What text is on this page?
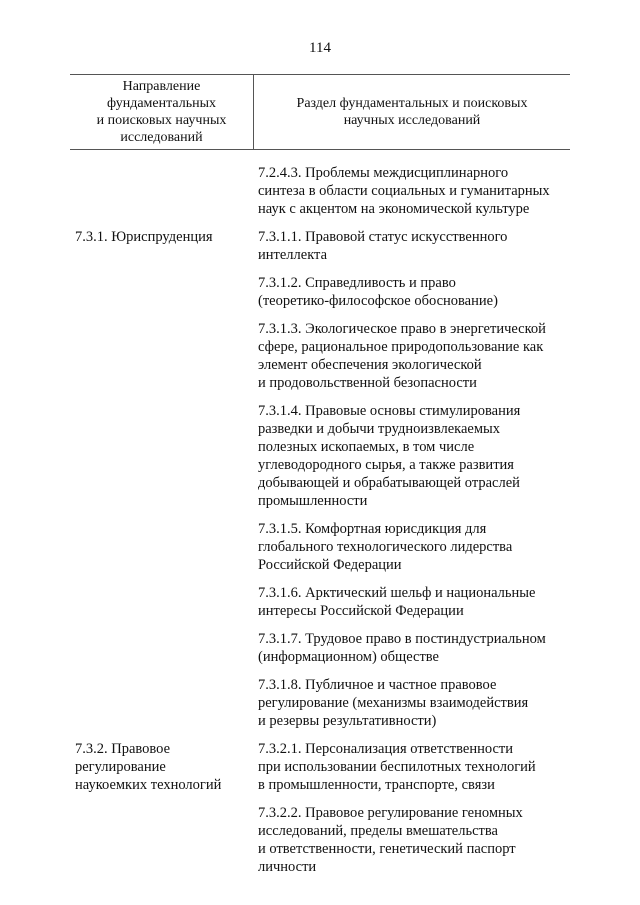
114
Направление
фундаментальных
и поисковых научных
исследований
Раздел фундаментальных и поисковых
научных исследований
7.2.4.3. Проблемы междисциплинарного
синтеза в области социальных и гуманитарных
наук с акцентом на экономической культуре
7.3.1. Юриспруденция	7.3.1.1. Правовой статус искусственного
интеллекта
7.3.1.2. Справедливость и право
(теоретико-философское обоснование)
7.3.1.3. Экологическое право в энергетической
сфере, рациональное природопользование как
элемент обеспечения экологической
и продовольственной безопасности
7.3.1.4. Правовые основы стимулирования
разведки и добычи трудноизвлекаемых
полезных ископаемых, в том числе
углеводородного сырья, а также развития
добывающей и обрабатывающей отраслей
промышленности
7.3.1.5. Комфортная юрисдикция для
глобального технологического лидерства
Российской Федерации
7.3.1.6. Арктический шельф и национальные
интересы Российской Федерации
7.3.1.7. Трудовое право в постиндустриальном
(информационном) обществе
7.3.1.8. Публичное и частное правовое
регулирование (механизмы взаимодействия
и резервы результативности)
7.3.2. Правовое
регулирование
наукоемких технологий
7.3.2.1. Персонализация ответственности
при использовании беспилотных технологий
в промышленности, транспорте, связи
7.3.2.2. Правовое регулирование геномных
исследований, пределы вмешательства
и ответственности, генетический паспорт
личности
